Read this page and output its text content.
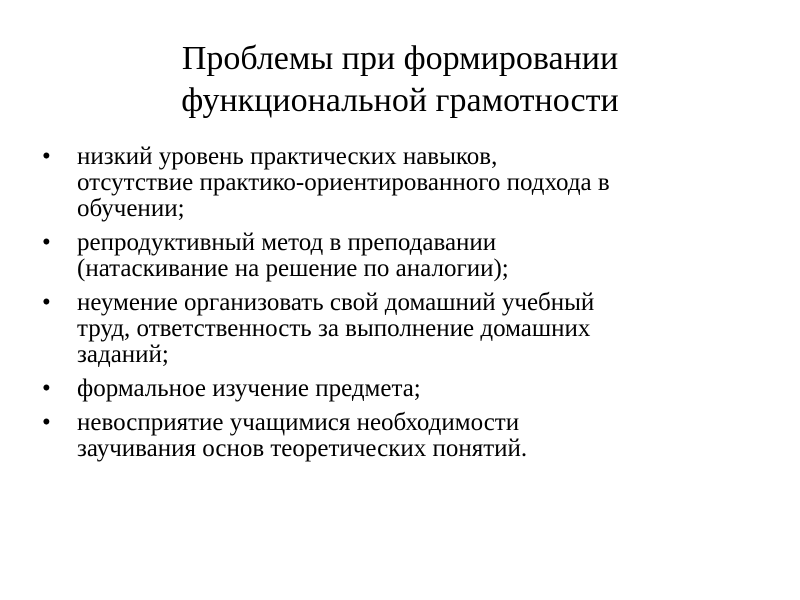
Проблемы при формировании
функциональной грамотности
•	низкий уровень практических навыков,
отсутствие практико-ориентированного подхода в
обучении;
•	репродуктивный метод в преподавании
(натаскивание на решение по аналогии);
•	неумение организовать свой домашний учебный
труд, ответственность за выполнение домашних
заданий;
•	формальное изучение предмета;
•	невосприятие учащимися необходимости
заучивания основ теоретических понятий.
